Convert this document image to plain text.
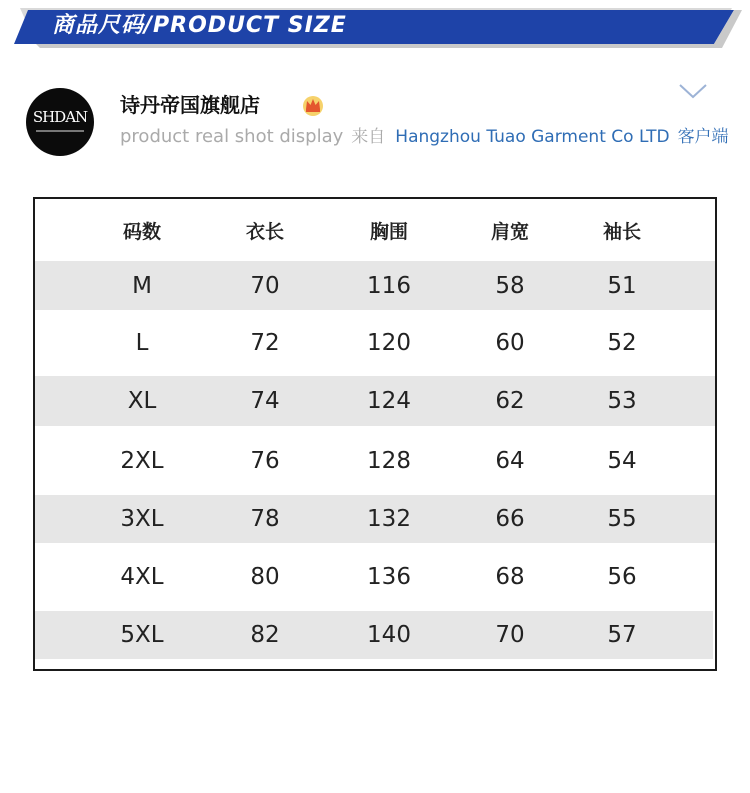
商品尺码/PRODUCT SIZE
SHDAN	诗丹帝国旗舰店
product real shot display 来自 Hangzhou Tuao Garment Co LTD 客户端
码数	衣长	胸围	肩宽	袖长
M	70	116	58	51
L	72	120	60	52
XL	74	124	62	53
2XL	76	128	64	54
3XL	78	132	66	55
4XL	80	136	68	56
5XL	82	140	70	57
